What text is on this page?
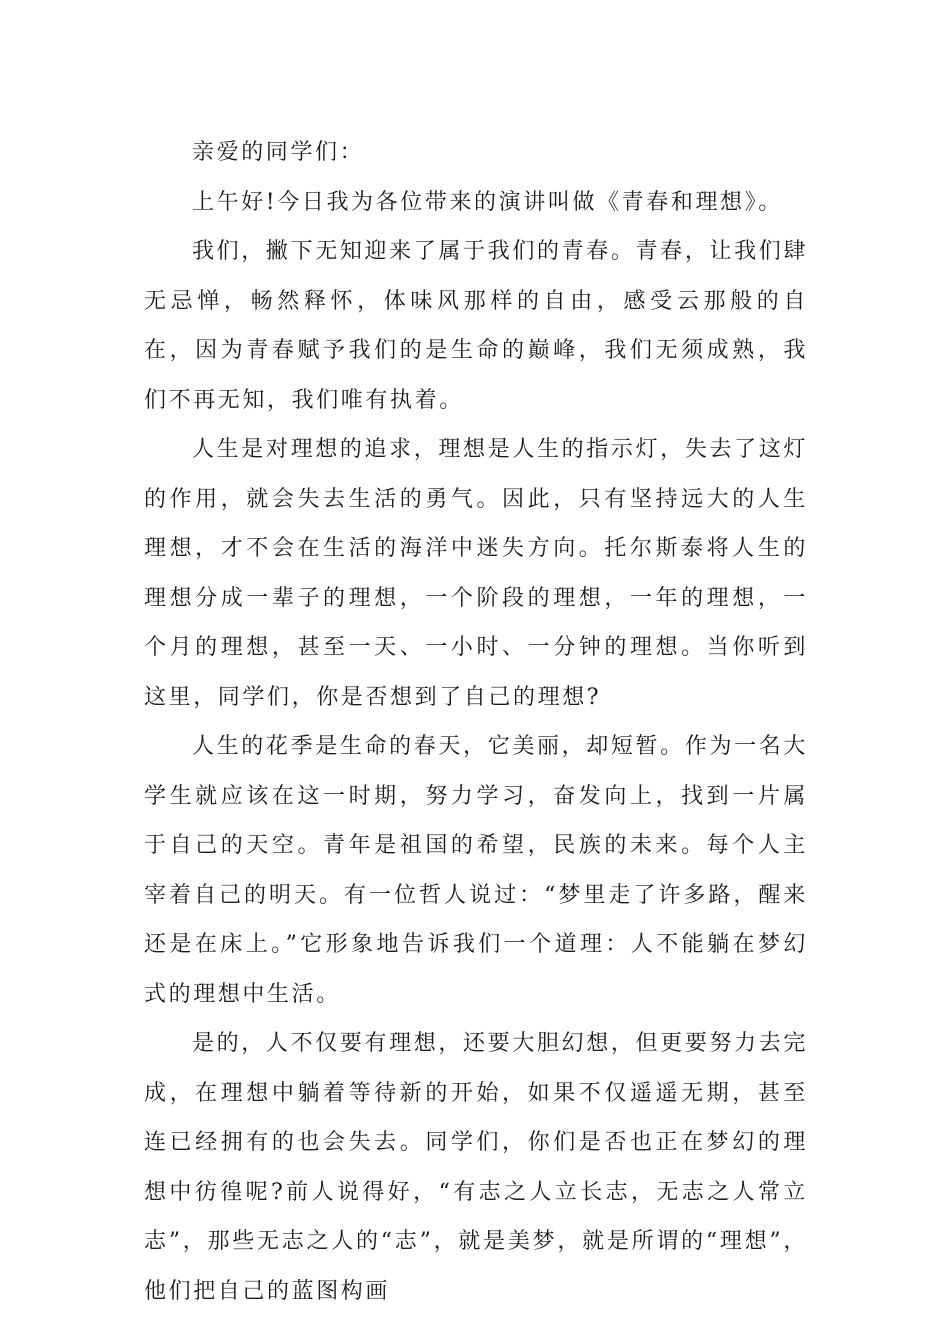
亲爱的同学们：

上午好!今日我为各位带来的演讲叫做《青春和理想》。

我们，撇下无知迎来了属于我们的青春。青春，让我们肆无忌惮，畅然释怀，体味风那样的自由，感受云那般的自在，因为青春赋予我们的是生命的巅峰，我们无须成熟，我们不再无知，我们唯有执着。

人生是对理想的追求，理想是人生的指示灯，失去了这灯的作用，就会失去生活的勇气。因此，只有坚持远大的人生理想，才不会在生活的海洋中迷失方向。托尔斯泰将人生的理想分成一辈子的理想，一个阶段的理想，一年的理想，一个月的理想，甚至一天、一小时、一分钟的理想。当你听到这里，同学们，你是否想到了自己的理想?

人生的花季是生命的春天，它美丽，却短暂。作为一名大学生就应该在这一时期，努力学习，奋发向上，找到一片属于自己的天空。青年是祖国的希望，民族的未来。每个人主宰着自己的明天。有一位哲人说过：“梦里走了许多路，醒来还是在床上。”它形象地告诉我们一个道理：人不能躺在梦幻式的理想中生活。

是的，人不仅要有理想，还要大胆幻想，但更要努力去完成，在理想中躺着等待新的开始，如果不仅遥遥无期，甚至连已经拥有的也会失去。同学们，你们是否也正在梦幻的理想中彷徨呢?前人说得好，“有志之人立长志，无志之人常立志”，那些无志之人的“志”，就是美梦，就是所谓的“理想”，他们把自己的蓝图构画
